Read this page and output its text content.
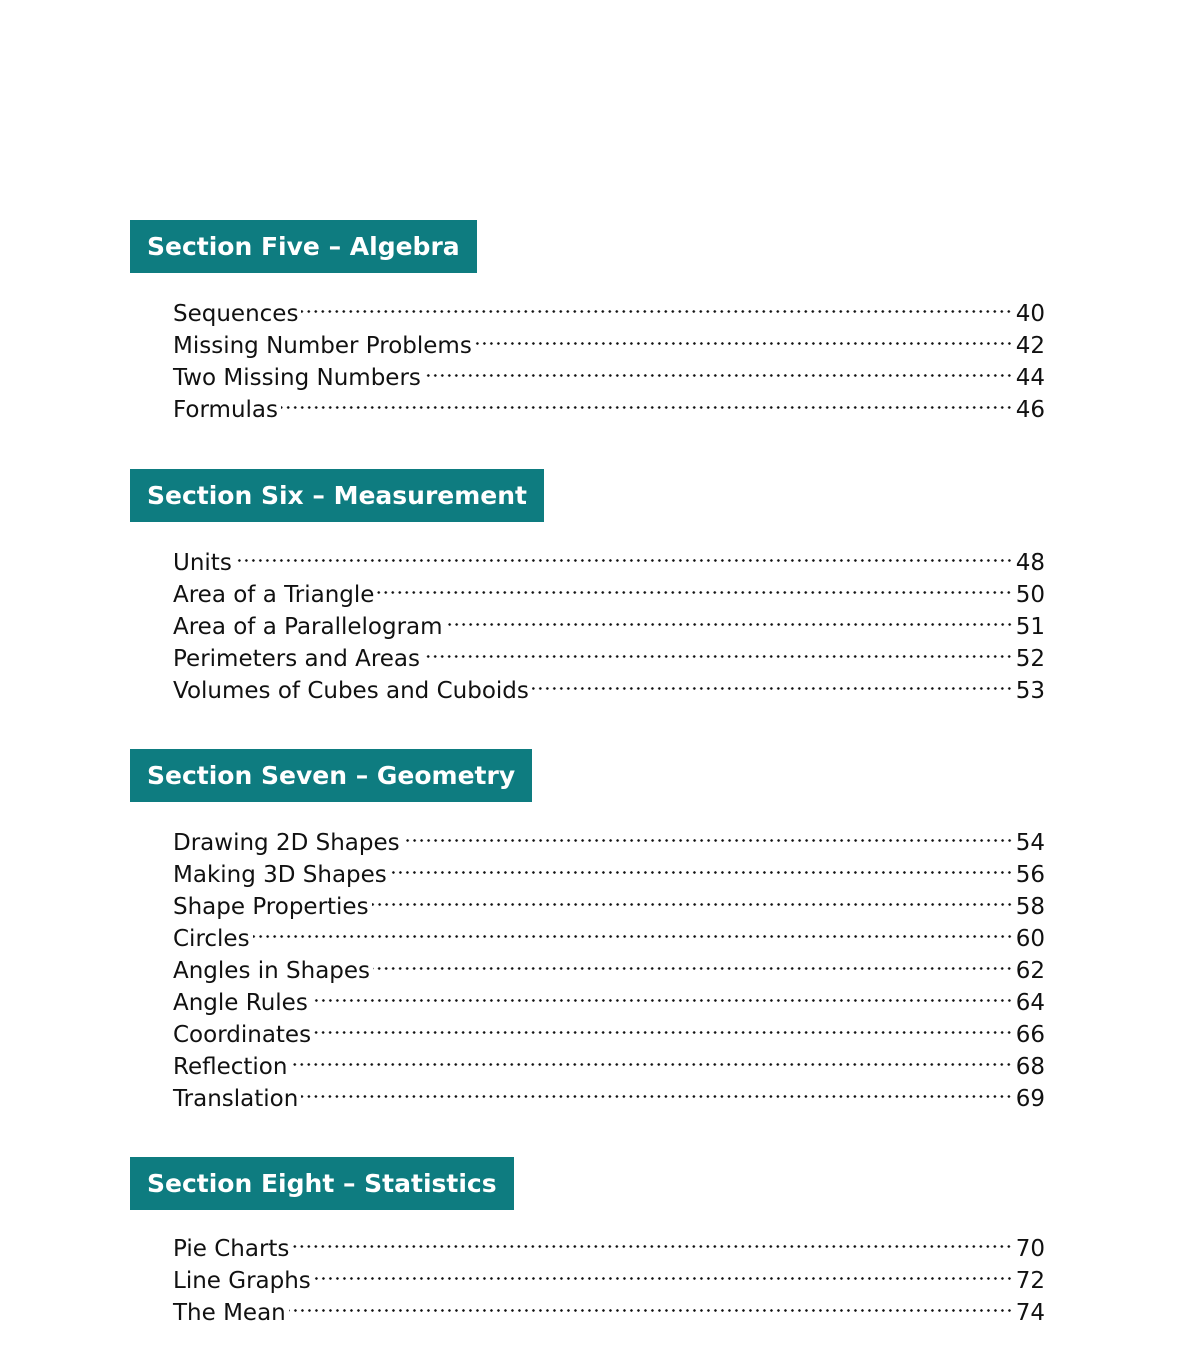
Section Five – Algebra
Sequences	40
Missing Number Problems	42
Two Missing Numbers	44
Formulas	46
Section Six – Measurement
Units	48
Area of a Triangle	50
Area of a Parallelogram	51
Perimeters and Areas	52
Volumes of Cubes and Cuboids	53
Section Seven – Geometry
Drawing 2D Shapes	54
Making 3D Shapes	56
Shape Properties	58
Circles	60
Angles in Shapes	62
Angle Rules	64
Coordinates	66
Reflection	68
Translation	69
Section Eight – Statistics
Pie Charts	70
Line Graphs	72
The Mean	74
